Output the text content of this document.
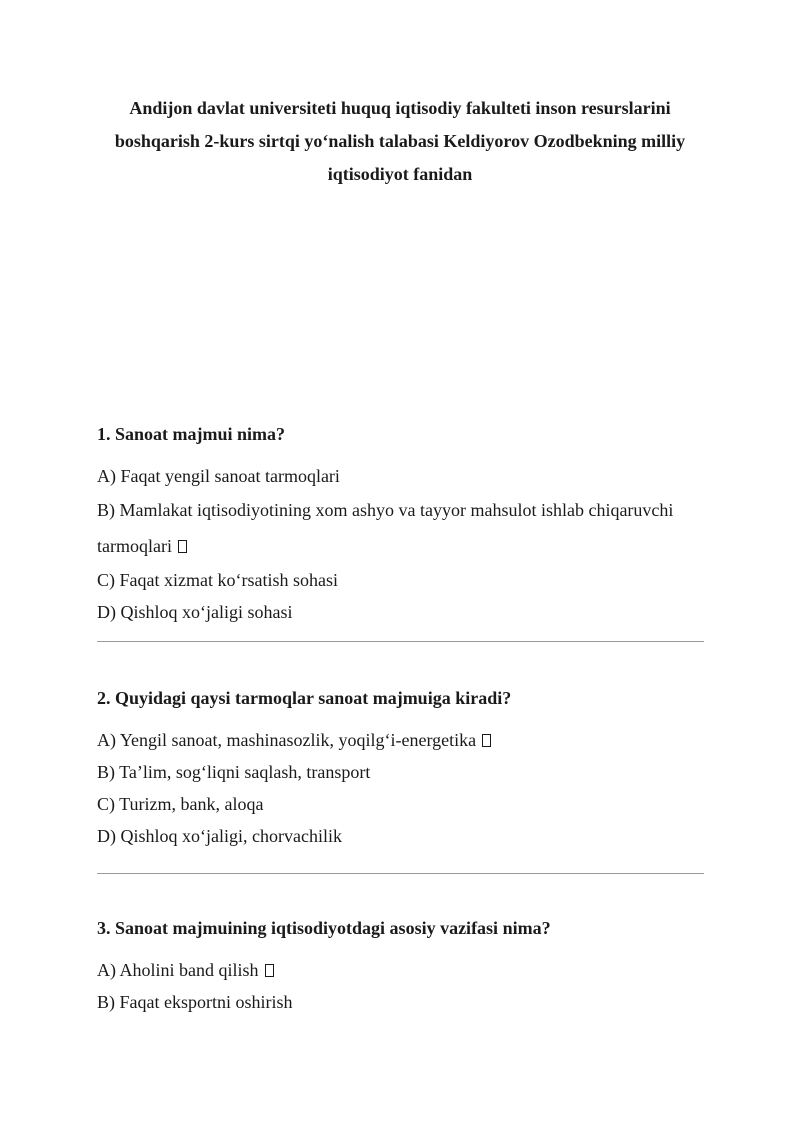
Andijon davlat universiteti huquq iqtisodiy fakulteti inson resurslarini
boshqarish 2-kurs sirtqi yo‘nalish talabasi Keldiyorov Ozodbekning milliy
iqtisodiyot fanidan

1. Sanoat majmui nima?

A) Faqat yengil sanoat tarmoqlari

B) Mamlakat iqtisodiyotining xom ashyo va tayyor mahsulot ishlab chiqaruvchi

tarmoqlari

C) Faqat xizmat ko‘rsatish sohasi

D) Qishloq xo‘jaligi sohasi

2. Quyidagi qaysi tarmoqlar sanoat majmuiga kiradi?

A) Yengil sanoat, mashinasozlik, yoqilg‘i-energetika

B) Ta’lim, sog‘liqni saqlash, transport

C) Turizm, bank, aloqa

D) Qishloq xo‘jaligi, chorvachilik

3. Sanoat majmuining iqtisodiyotdagi asosiy vazifasi nima?

A) Aholini band qilish

B) Faqat eksportni oshirish
